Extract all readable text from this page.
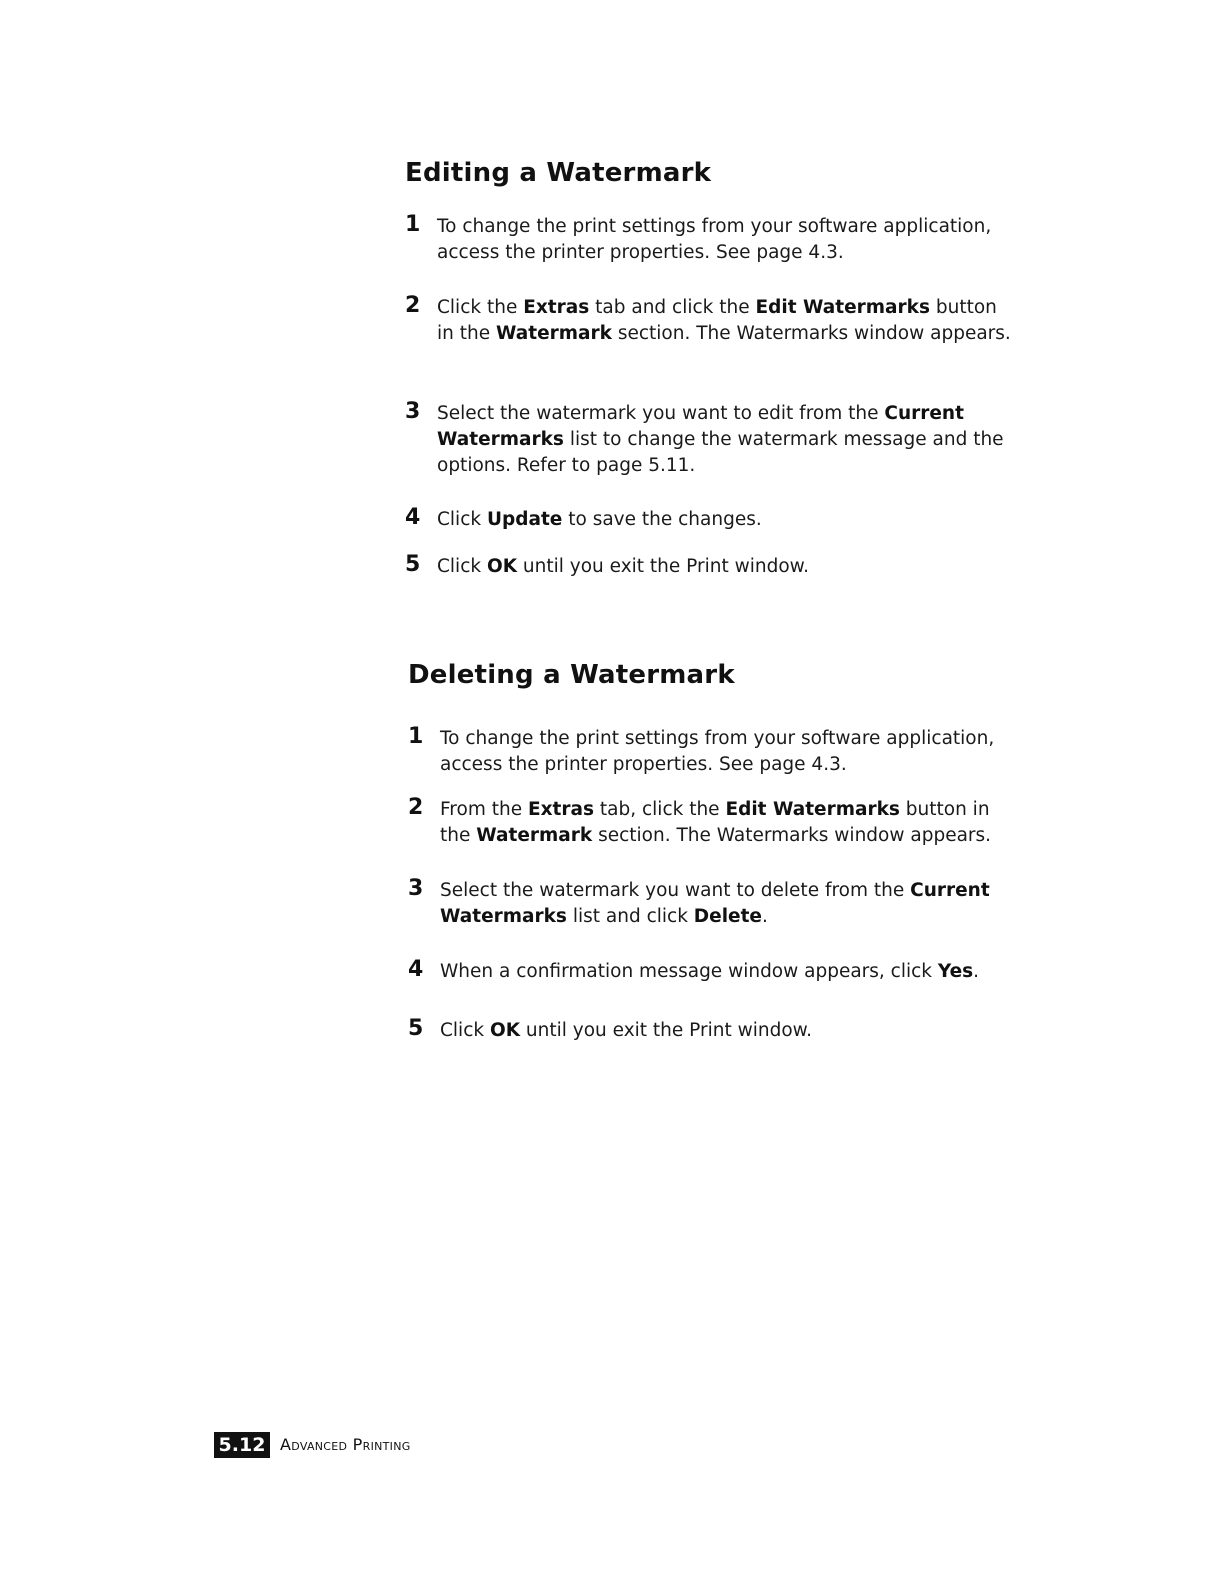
Editing a Watermark
1 To change the print settings from your software application, access the printer properties. See page 4.3.
2 Click the Extras tab and click the Edit Watermarks button in the Watermark section. The Watermarks window appears.
3 Select the watermark you want to edit from the Current Watermarks list to change the watermark message and the options. Refer to page 5.11.
4 Click Update to save the changes.
5 Click OK until you exit the Print window.
Deleting a Watermark
1 To change the print settings from your software application, access the printer properties. See page 4.3.
2 From the Extras tab, click the Edit Watermarks button in the Watermark section. The Watermarks window appears.
3 Select the watermark you want to delete from the Current Watermarks list and click Delete.
4 When a confirmation message window appears, click Yes.
5 Click OK until you exit the Print window.
5.12 Advanced Printing
